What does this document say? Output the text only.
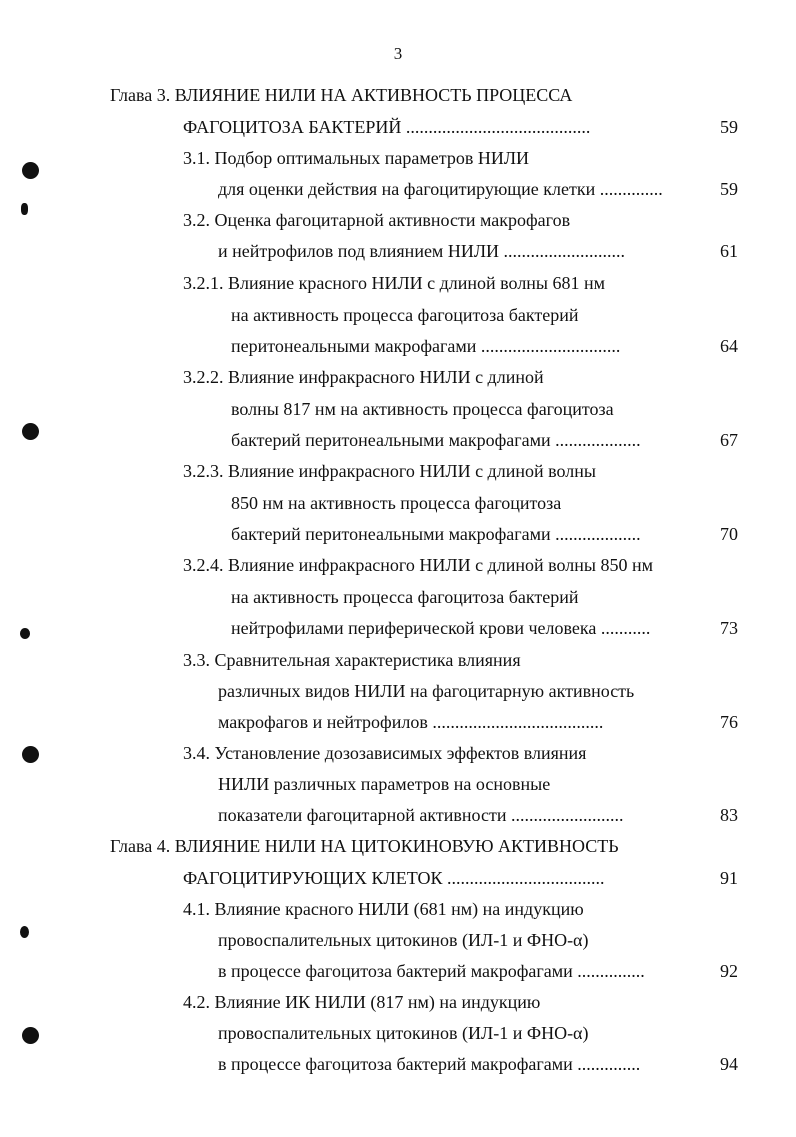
3
Глава 3. ВЛИЯНИЕ НИЛИ НА АКТИВНОСТЬ ПРОЦЕССА
ФАГОЦИТОЗА БАКТЕРИЙ .........................................	59
3.1. Подбор оптимальных параметров НИЛИ
для оценки действия на фагоцитирующие клетки ..............	59
3.2. Оценка фагоцитарной активности макрофагов
и нейтрофилов под влиянием НИЛИ ...........................	61
3.2.1. Влияние красного НИЛИ с длиной волны 681 нм
на активность процесса фагоцитоза бактерий
перитонеальными макрофагами ...............................	64
3.2.2. Влияние инфракрасного НИЛИ с длиной
волны 817 нм на активность процесса фагоцитоза
бактерий перитонеальными макрофагами ...................	67
3.2.3. Влияние инфракрасного НИЛИ с длиной волны
850 нм на активность процесса фагоцитоза
бактерий перитонеальными макрофагами ...................	70
3.2.4. Влияние инфракрасного НИЛИ с длиной волны 850 нм
на активность процесса фагоцитоза бактерий
нейтрофилами периферической крови человека ...........	73
3.3. Сравнительная характеристика влияния
различных видов НИЛИ на фагоцитарную активность
макрофагов и нейтрофилов ......................................	76
3.4. Установление дозозависимых эффектов влияния
НИЛИ различных параметров на основные
показатели фагоцитарной активности .........................	83
Глава 4. ВЛИЯНИЕ НИЛИ НА ЦИТОКИНОВУЮ АКТИВНОСТЬ
ФАГОЦИТИРУЮЩИХ КЛЕТОК ...................................	91
4.1. Влияние красного НИЛИ (681 нм) на индукцию
провоспалительных цитокинов (ИЛ-1 и ФНО-α)
в процессе фагоцитоза бактерий макрофагами ...............	92
4.2. Влияние ИК НИЛИ (817 нм) на индукцию
провоспалительных цитокинов (ИЛ-1 и ФНО-α)
в процессе фагоцитоза бактерий макрофагами ..............	94
